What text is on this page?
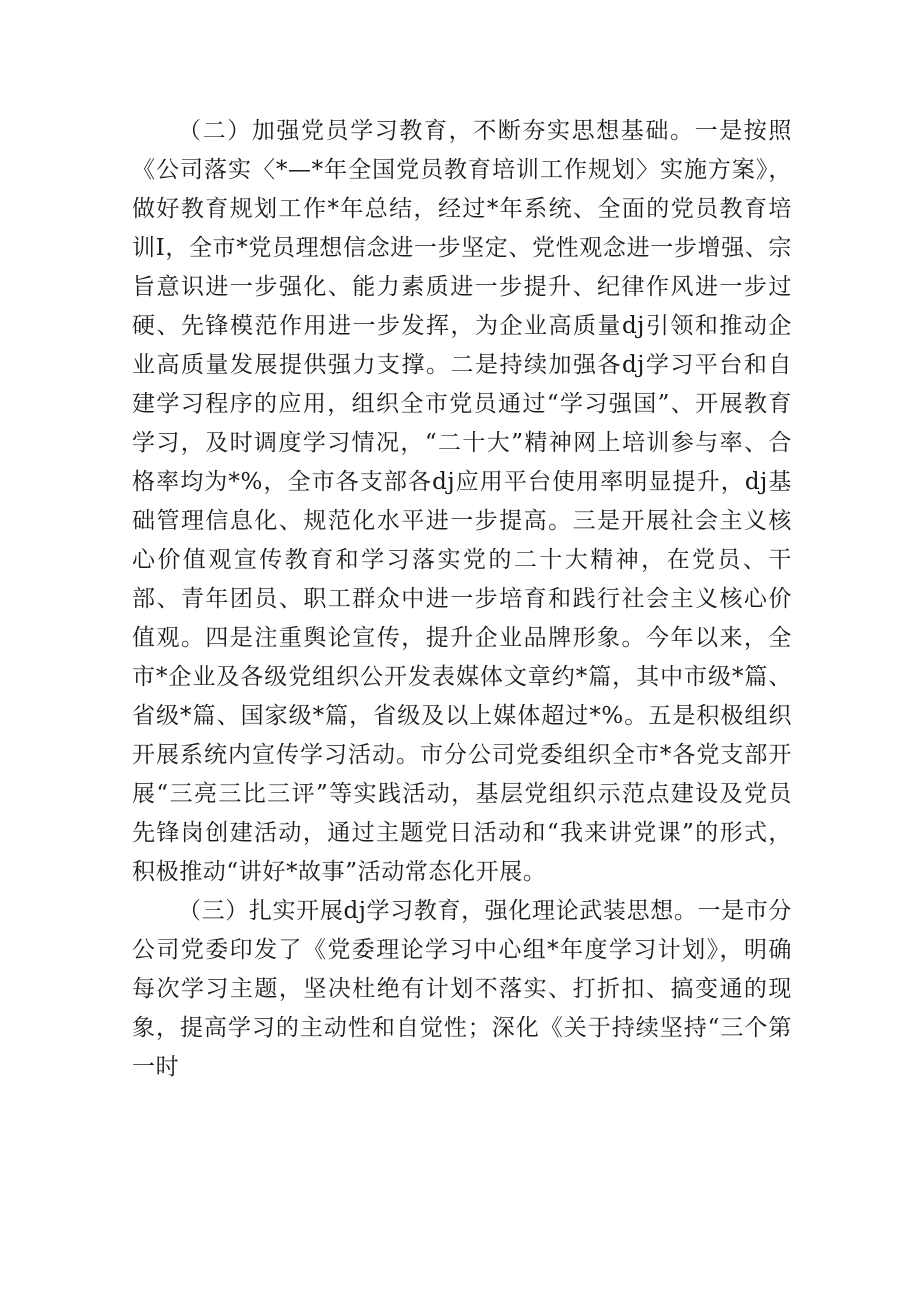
（二）加强党员学习教育，不断夯实思想基础。一是按照《公司落实〈*—*年全国党员教育培训工作规划〉实施方案》，做好教育规划工作*年总结，经过*年系统、全面的党员教育培训I，全市*党员理想信念进一步坚定、党性观念进一步增强、宗旨意识进一步强化、能力素质进一步提升、纪律作风进一步过硬、先锋模范作用进一步发挥，为企业高质量dj引领和推动企业高质量发展提供强力支撑。二是持续加强各dj学习平台和自建学习程序的应用，组织全市党员通过“学习强国”、开展教育学习，及时调度学习情况，“二十大”精神网上培训参与率、合格率均为*%，全市各支部各dj应用平台使用率明显提升，dj基础管理信息化、规范化水平进一步提高。三是开展社会主义核心价值观宣传教育和学习落实党的二十大精神，在党员、干部、青年团员、职工群众中进一步培育和践行社会主义核心价值观。四是注重舆论宣传，提升企业品牌形象。今年以来，全市*企业及各级党组织公开发表媒体文章约*篇，其中市级*篇、省级*篇、国家级*篇，省级及以上媒体超过*%。五是积极组织开展系统内宣传学习活动。市分公司党委组织全市*各党支部开展“三亮三比三评”等实践活动，基层党组织示范点建设及党员先锋岗创建活动，通过主题党日活动和“我来讲党课”的形式，积极推动“讲好*故事”活动常态化开展。

（三）扎实开展dj学习教育，强化理论武装思想。一是市分公司党委印发了《党委理论学习中心组*年度学习计划》，明确每次学习主题，坚决杜绝有计划不落实、打折扣、搞变通的现象，提高学习的主动性和自觉性；深化《关于持续坚持“三个第一时
